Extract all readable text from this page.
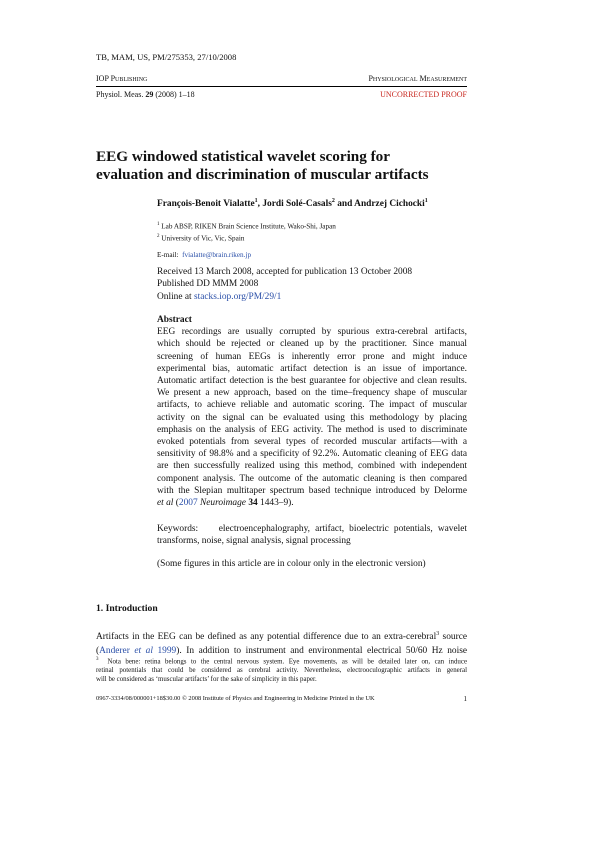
TB, MAM, US, PM/275353, 27/10/2008
IOP Publishing	Physiological Measurement
Physiol. Meas. 29 (2008) 1–18	UNCORRECTED PROOF
EEG windowed statistical wavelet scoring for
evaluation and discrimination of muscular artifacts
François-Benoit Vialatte$^1$, Jordi Solé-Casals$^2$ and Andrzej Cichocki$^1$
$^1$ Lab ABSP, RIKEN Brain Science Institute, Wako-Shi, Japan
$^2$ University of Vic, Vic, Spain
E-mail: fvialatte@brain.riken.jp
Received 13 March 2008, accepted for publication 13 October 2008
Published DD MMM 2008
Online at stacks.iop.org/PM/29/1
Abstract
EEG recordings are usually corrupted by spurious extra-cerebral artifacts,
which should be rejected or cleaned up by the practitioner. Since manual
screening of human EEGs is inherently error prone and might induce
experimental bias, automatic artifact detection is an issue of importance.
Automatic artifact detection is the best guarantee for objective and clean results.
We present a new approach, based on the time–frequency shape of muscular
artifacts, to achieve reliable and automatic scoring. The impact of muscular
activity on the signal can be evaluated using this methodology by placing
emphasis on the analysis of EEG activity. The method is used to discriminate
evoked potentials from several types of recorded muscular artifacts—with a
sensitivity of 98.8% and a specificity of 92.2%. Automatic cleaning of EEG data
are then successfully realized using this method, combined with independent
component analysis. The outcome of the automatic cleaning is then compared
with the Slepian multitaper spectrum based technique introduced by Delorme
et al (2007 Neuroimage 34 1443–9).
Keywords: electroencephalography, artifact, bioelectric potentials, wavelet
transforms, noise, signal analysis, signal processing
(Some figures in this article are in colour only in the electronic version)
1. Introduction
Artifacts in the EEG can be defined as any potential difference due to an extra-cerebral$^3$ source
(Anderer et al 1999). In addition to instrument and environmental electrical 50/60 Hz noise
$^3$ Nota bene: retina belongs to the central nervous system. Eye movements, as will be detailed later on, can induce
retinal potentials that could be considered as cerebral activity. Nevertheless, electrooculographic artifacts in general
will be considered as ‘muscular artifacts’ for the sake of simplicity in this paper.
0967-3334/08/000001+18$30.00 © 2008 Institute of Physics and Engineering in Medicine Printed in the UK	1
